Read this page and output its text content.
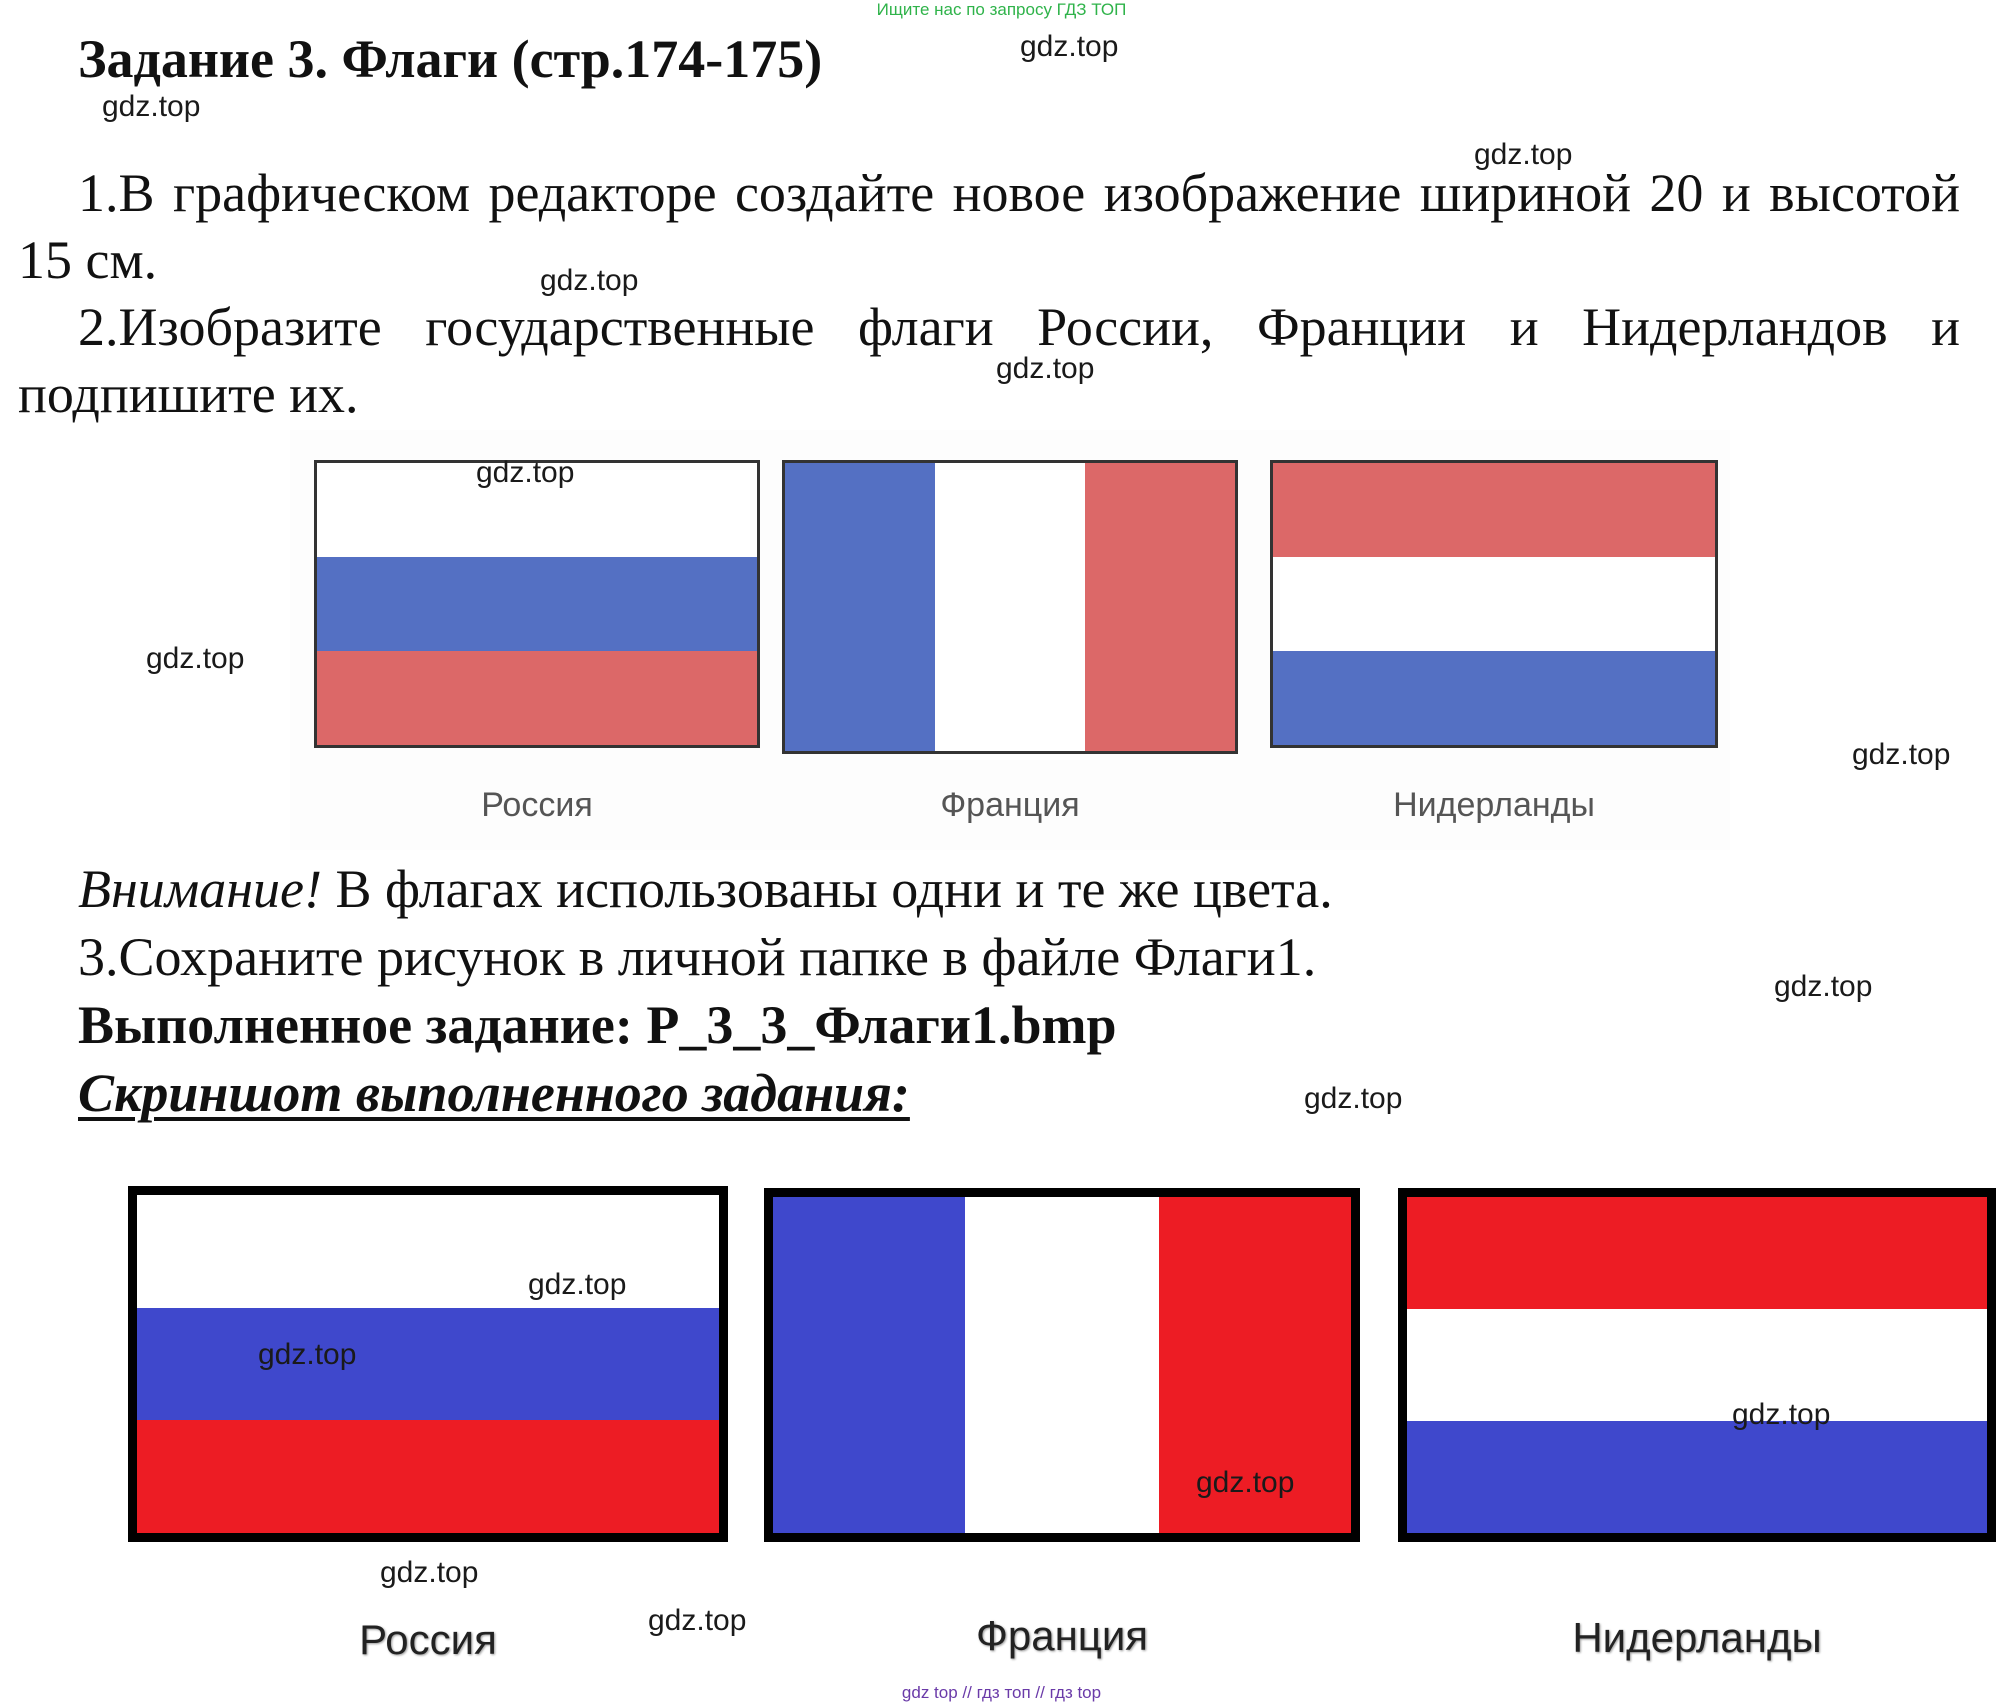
Ищите нас по запросу ГДЗ ТОП
Задание 3. Флаги (стр.174-175)
1.В графическом редакторе создайте новое изображение шириной 20 и высотой 15 см.
2.Изобразите государственные флаги России, Франции и Нидерландов и подпишите их.
Россия	Франция	Нидерланды
Внимание! В флагах использованы одни и те же цвета.
3.Сохраните рисунок в личной папке в файле Флаги1.
Выполненное задание: Р_3_3_Флаги1.bmp
Скриншот выполненного задания:
Россия	Франция	Нидерланды
gdz.top
gdz.top
gdz.top
gdz.top
gdz.top
gdz.top
gdz.top
gdz.top
gdz.top
gdz.top
gdz.top
gdz.top
gdz.top
gdz.top
gdz.top
gdz.top
gdz top // гдз топ // гдз top
